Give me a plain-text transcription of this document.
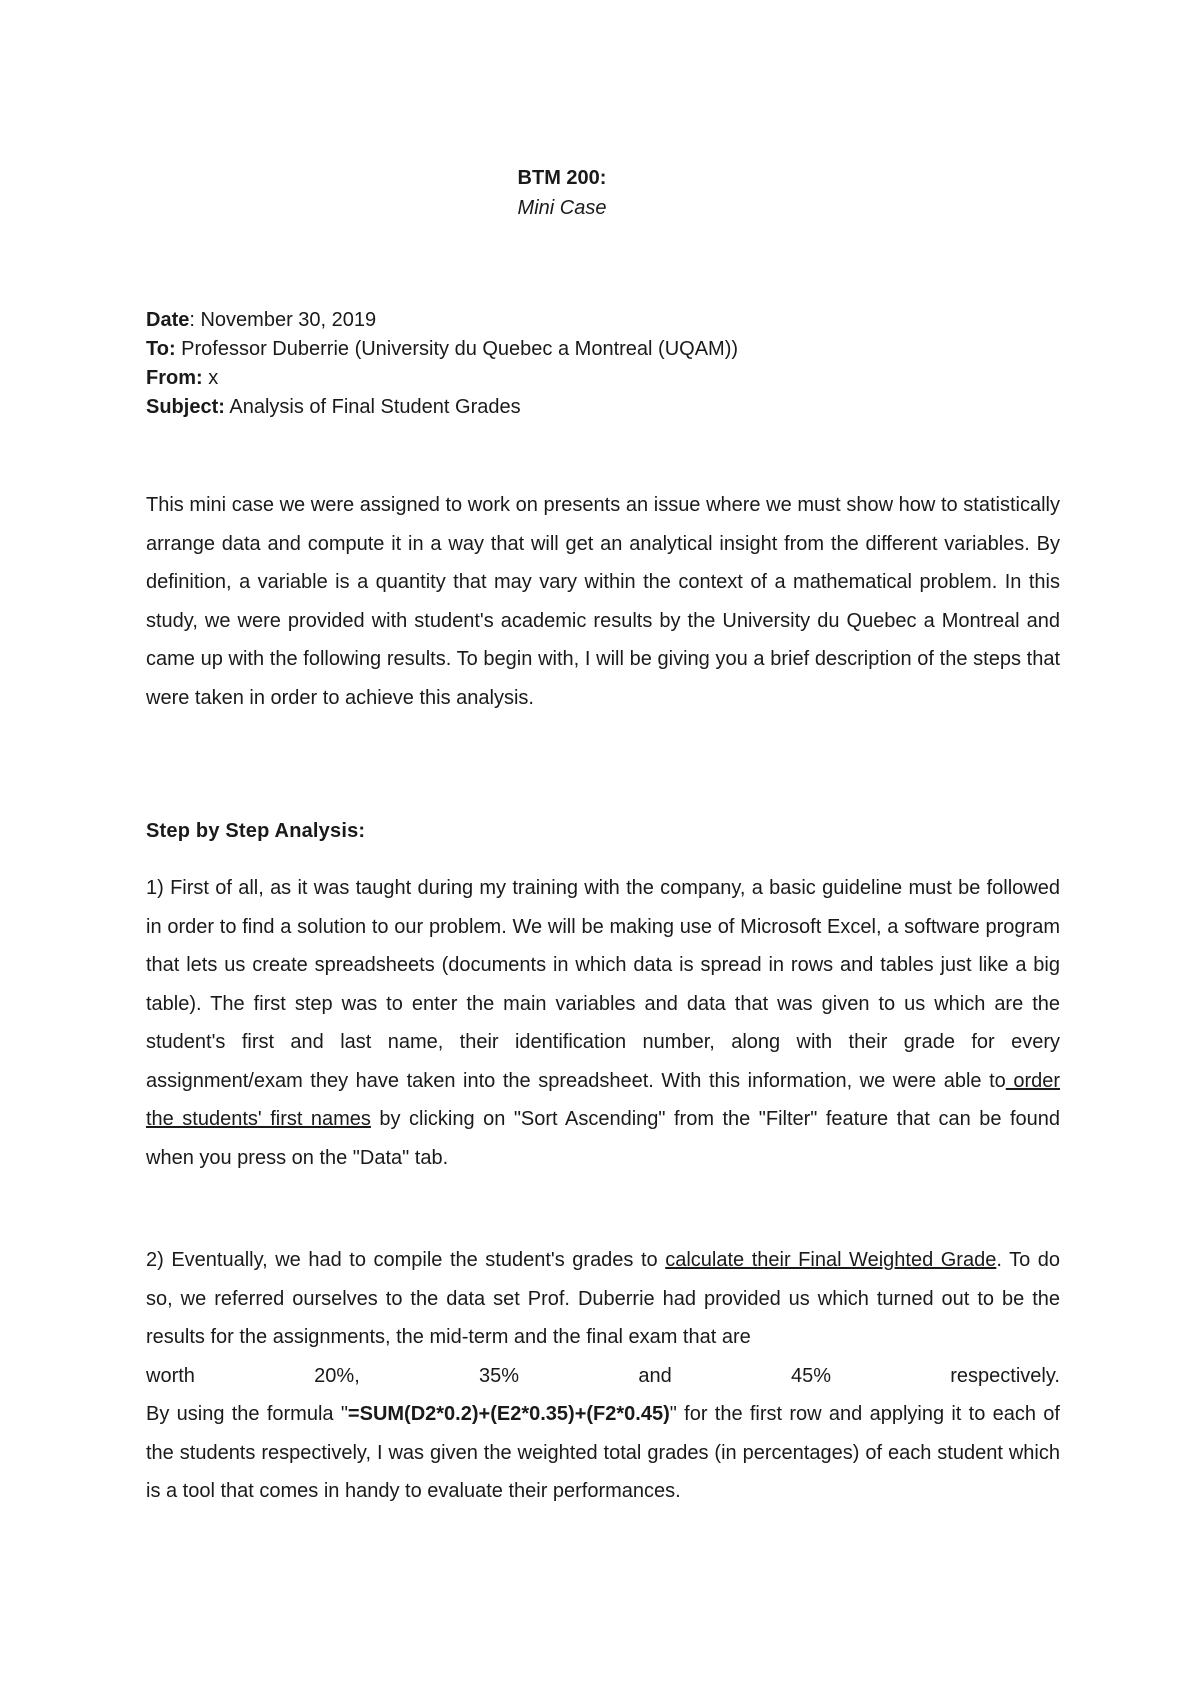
BTM 200:
Mini Case
Date: November 30, 2019
To: Professor Duberrie (University du Quebec a Montreal (UQAM))
From: x
Subject: Analysis of Final Student Grades

This mini case we were assigned to work on presents an issue where we must show how to statistically arrange data and compute it in a way that will get an analytical insight from the different variables. By definition, a variable is a quantity that may vary within the context of a mathematical problem. In this study, we were provided with student's academic results by the University du Quebec a Montreal and came up with the following results. To begin with, I will be giving you a brief description of the steps that were taken in order to achieve this analysis.

Step by Step Analysis:

1) First of all, as it was taught during my training with the company, a basic guideline must be followed in order to find a solution to our problem. We will be making use of Microsoft Excel, a software program that lets us create spreadsheets (documents in which data is spread in rows and tables just like a big table). The first step was to enter the main variables and data that was given to us which are the student's first and last name, their identification number, along with their grade for every assignment/exam they have taken into the spreadsheet. With this information, we were able to order the students' first names by clicking on "Sort Ascending" from the "Filter" feature that can be found when you press on the "Data" tab.

2) Eventually, we had to compile the student's grades to calculate their Final Weighted Grade. To do so, we referred ourselves to the data set Prof. Duberrie had provided us which turned out to be the results for the assignments, the mid-term and the final exam that are
worth	20%,	35%	and	45%	respectively.
By using the formula "=SUM(D2*0.2)+(E2*0.35)+(F2*0.45)" for the first row and applying it to each of the students respectively, I was given the weighted total grades (in percentages) of each student which is a tool that comes in handy to evaluate their performances.
